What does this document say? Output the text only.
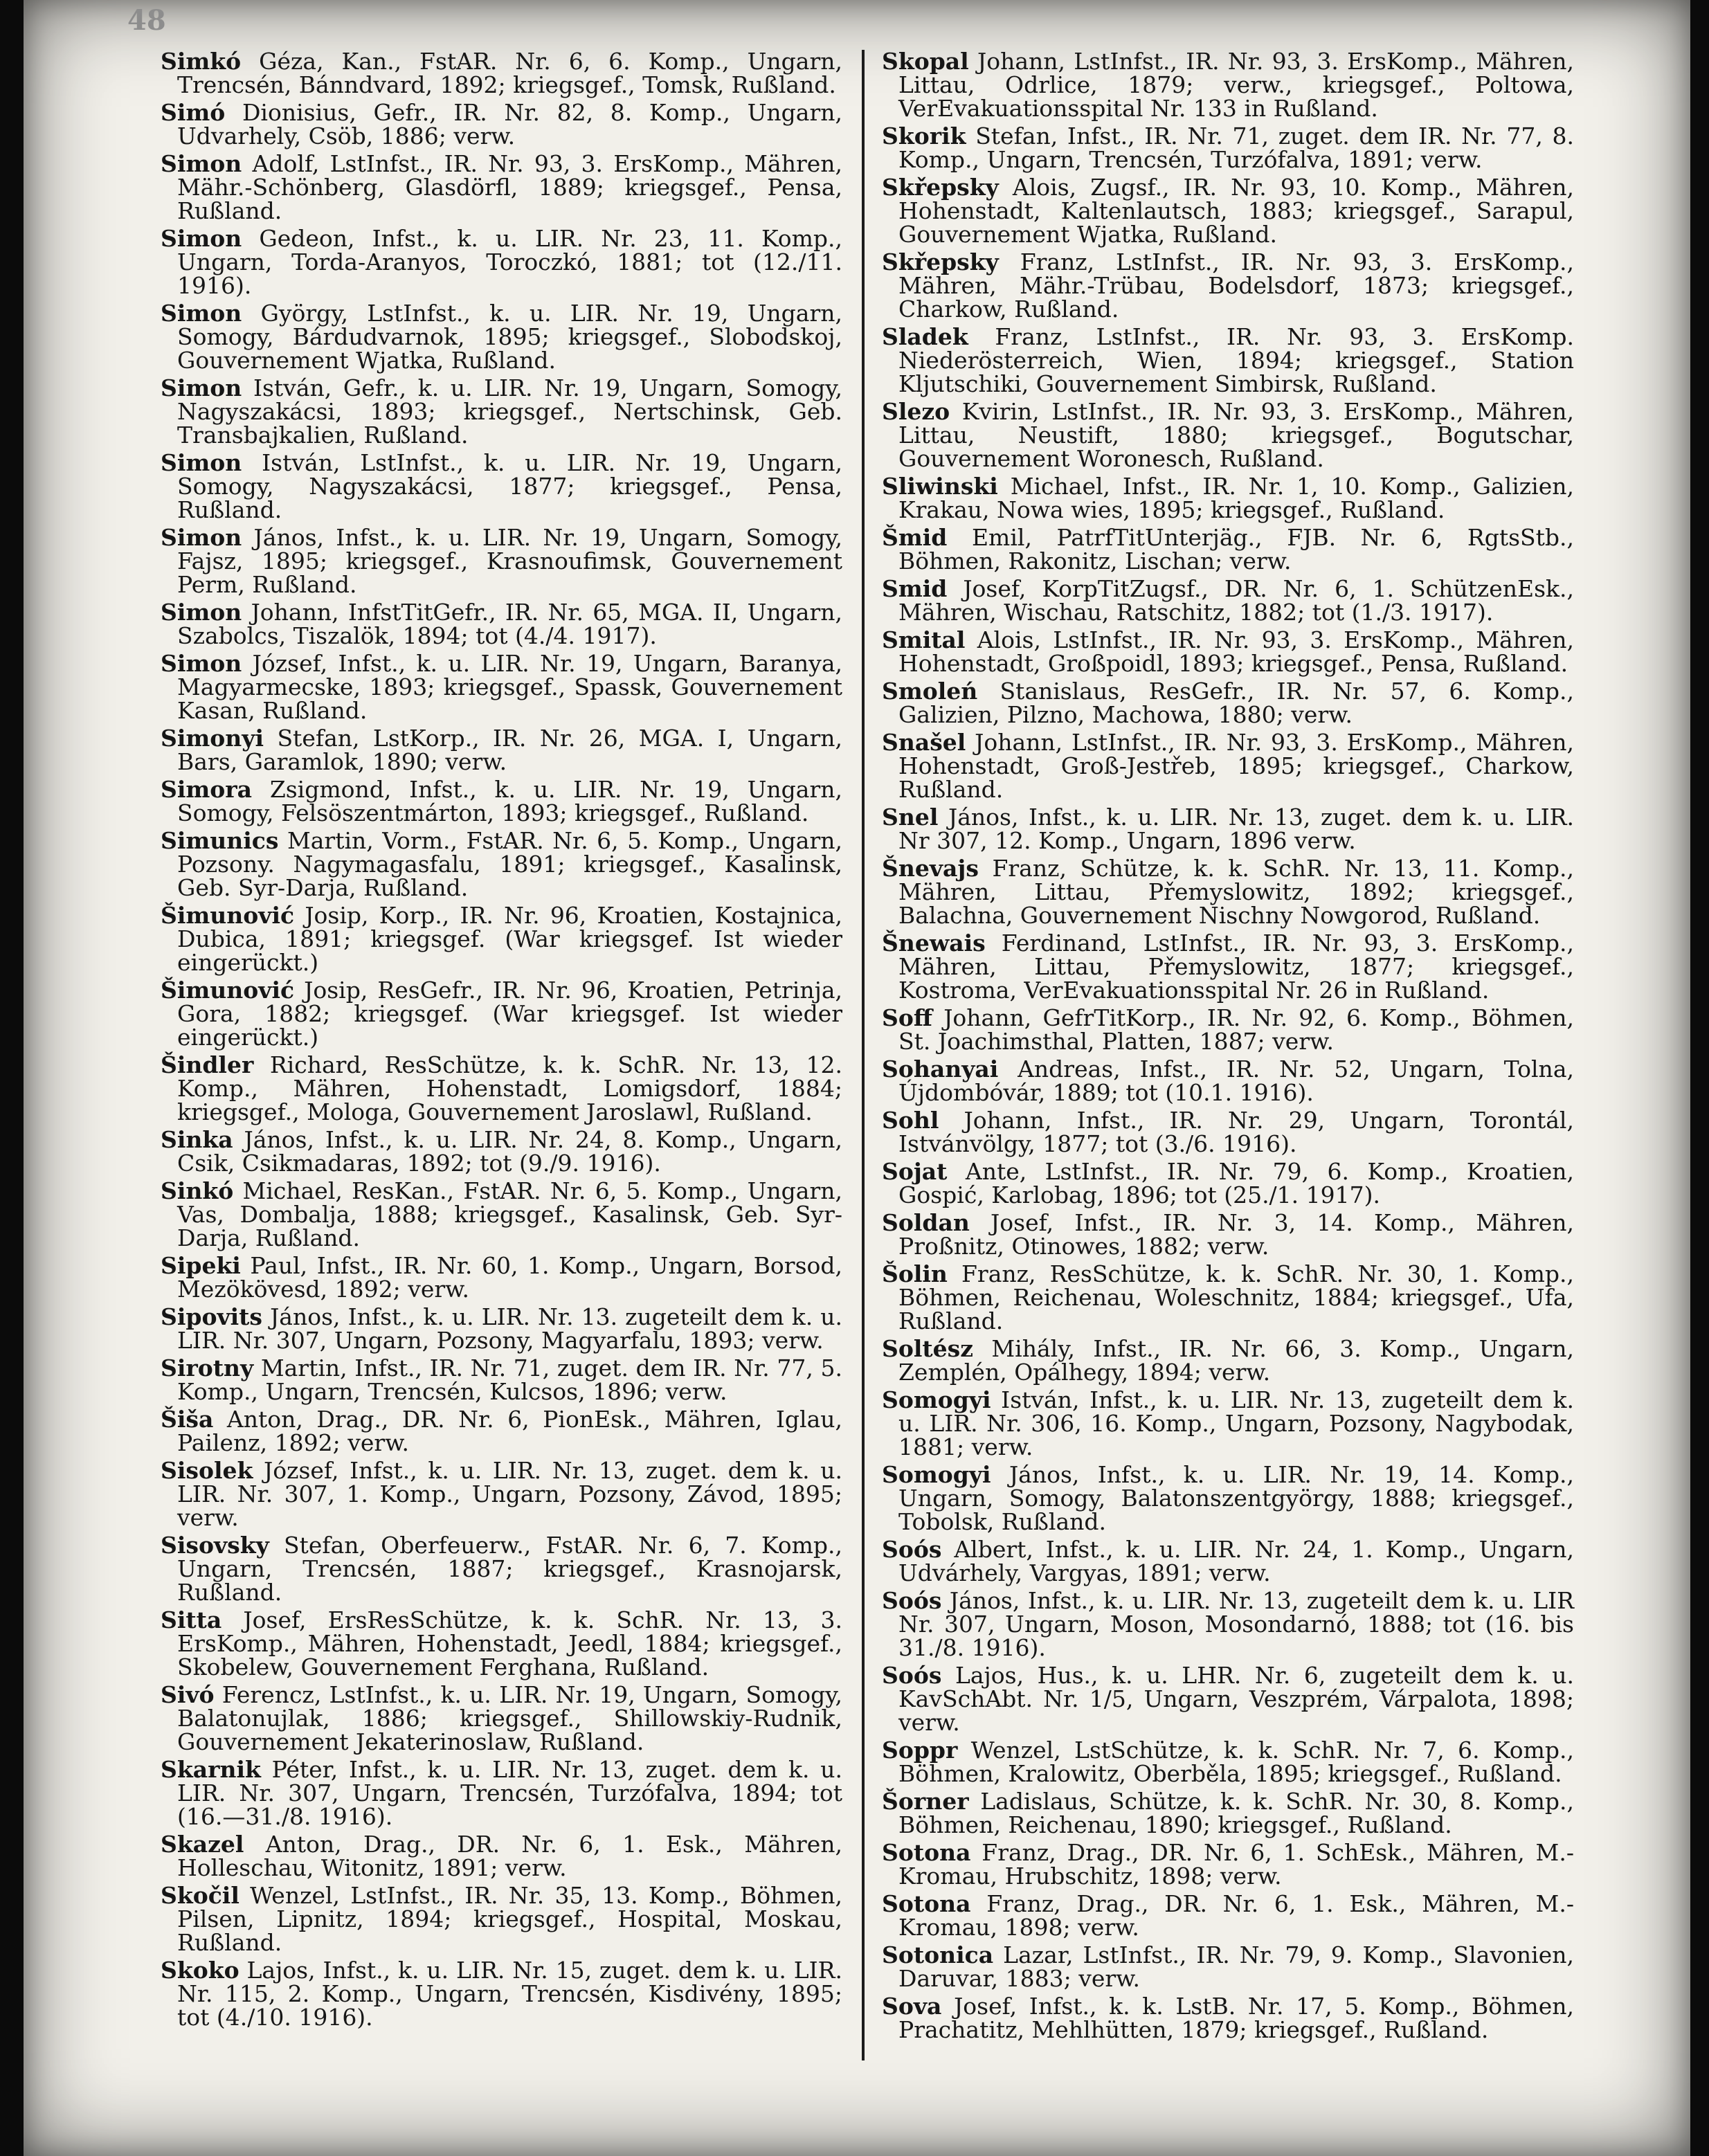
48
Simkó Géza, Kan., FstAR. Nr. 6, 6. Komp., Ungarn, Trencsén, Bánndvard, 1892; kriegsgef., Tomsk, Rußland.
Simó Dionisius, Gefr., IR. Nr. 82, 8. Komp., Ungarn, Udvarhely, Csöb, 1886; verw.
Simon Adolf, LstInfst., IR. Nr. 93, 3. ErsKomp., Mähren, Mähr.-Schönberg, Glasdörfl, 1889; kriegsgef., Pensa, Rußland.
Simon Gedeon, Infst., k. u. LIR. Nr. 23, 11. Komp., Ungarn, Torda-Aranyos, Toroczkó, 1881; tot (12./11. 1916).
Simon György, LstInfst., k. u. LIR. Nr. 19, Ungarn, Somogy, Bárdudvarnok, 1895; kriegsgef., Slobodskoj, Gouvernement Wjatka, Rußland.
Simon István, Gefr., k. u. LIR. Nr. 19, Ungarn, Somogy, Nagyszakácsi, 1893; kriegsgef., Nertschinsk, Geb. Transbajkalien, Rußland.
Simon István, LstInfst., k. u. LIR. Nr. 19, Ungarn, Somogy, Nagyszakácsi, 1877; kriegsgef., Pensa, Rußland.
Simon János, Infst., k. u. LIR. Nr. 19, Ungarn, Somogy, Fajsz, 1895; kriegsgef., Krasnoufimsk, Gouvernement Perm, Rußland.
Simon Johann, InfstTitGefr., IR. Nr. 65, MGA. II, Ungarn, Szabolcs, Tiszalök, 1894; tot (4./4. 1917).
Simon József, Infst., k. u. LIR. Nr. 19, Ungarn, Baranya, Magyarmecske, 1893; kriegsgef., Spassk, Gouvernement Kasan, Rußland.
Simonyi Stefan, LstKorp., IR. Nr. 26, MGA. I, Ungarn, Bars, Garamlok, 1890; verw.
Simora Zsigmond, Infst., k. u. LIR. Nr. 19, Ungarn, Somogy, Felsöszentmárton, 1893; kriegsgef., Rußland.
Simunics Martin, Vorm., FstAR. Nr. 6, 5. Komp., Ungarn, Pozsony. Nagymagasfalu, 1891; kriegsgef., Kasalinsk, Geb. Syr-Darja, Rußland.
Šimunović Josip, Korp., IR. Nr. 96, Kroatien, Kostajnica, Dubica, 1891; kriegsgef. (War kriegsgef. Ist wieder eingerückt.)
Šimunović Josip, ResGefr., IR. Nr. 96, Kroatien, Petrinja, Gora, 1882; kriegsgef. (War kriegsgef. Ist wieder eingerückt.)
Šindler Richard, ResSchütze, k. k. SchR. Nr. 13, 12. Komp., Mähren, Hohenstadt, Lomigsdorf, 1884; kriegsgef., Mologa, Gouvernement Jaroslawl, Rußland.
Sinka János, Infst., k. u. LIR. Nr. 24, 8. Komp., Ungarn, Csik, Csikmadaras, 1892; tot (9./9. 1916).
Sinkó Michael, ResKan., FstAR. Nr. 6, 5. Komp., Ungarn, Vas, Dombalja, 1888; kriegsgef., Kasalinsk, Geb. Syr-Darja, Rußland.
Sipeki Paul, Infst., IR. Nr. 60, 1. Komp., Ungarn, Borsod, Mezökövesd, 1892; verw.
Sipovits János, Infst., k. u. LIR. Nr. 13. zugeteilt dem k. u. LIR. Nr. 307, Ungarn, Pozsony, Magyarfalu, 1893; verw.
Sirotny Martin, Infst., IR. Nr. 71, zuget. dem IR. Nr. 77, 5. Komp., Ungarn, Trencsén, Kulcsos, 1896; verw.
Šiša Anton, Drag., DR. Nr. 6, PionEsk., Mähren, Iglau, Pailenz, 1892; verw.
Sisolek József, Infst., k. u. LIR. Nr. 13, zuget. dem k. u. LIR. Nr. 307, 1. Komp., Ungarn, Pozsony, Závod, 1895; verw.
Sisovsky Stefan, Oberfeuerw., FstAR. Nr. 6, 7. Komp., Ungarn, Trencsén, 1887; kriegsgef., Krasnojarsk, Rußland.
Sitta Josef, ErsResSchütze, k. k. SchR. Nr. 13, 3. ErsKomp., Mähren, Hohenstadt, Jeedl, 1884; kriegsgef., Skobelew, Gouvernement Ferghana, Rußland.
Sivó Ferencz, LstInfst., k. u. LIR. Nr. 19, Ungarn, Somogy, Balatonujlak, 1886; kriegsgef., Shillowskiy-Rudnik, Gouvernement Jekaterinoslaw, Rußland.
Skarnik Péter, Infst., k. u. LIR. Nr. 13, zuget. dem k. u. LIR. Nr. 307, Ungarn, Trencsén, Turzófalva, 1894; tot (16.—31./8. 1916).
Skazel Anton, Drag., DR. Nr. 6, 1. Esk., Mähren, Holleschau, Witonitz, 1891; verw.
Skočil Wenzel, LstInfst., IR. Nr. 35, 13. Komp., Böhmen, Pilsen, Lipnitz, 1894; kriegsgef., Hospital, Moskau, Rußland.
Skoko Lajos, Infst., k. u. LIR. Nr. 15, zuget. dem k. u. LIR. Nr. 115, 2. Komp., Ungarn, Trencsén, Kisdivény, 1895; tot (4./10. 1916).
Skopal Johann, LstInfst., IR. Nr. 93, 3. ErsKomp., Mähren, Littau, Odrlice, 1879; verw., kriegsgef., Poltowa, VerEvakuationsspital Nr. 133 in Rußland.
Skorik Stefan, Infst., IR. Nr. 71, zuget. dem IR. Nr. 77, 8. Komp., Ungarn, Trencsén, Turzófalva, 1891; verw.
Skřepsky Alois, Zugsf., IR. Nr. 93, 10. Komp., Mähren, Hohenstadt, Kaltenlautsch, 1883; kriegsgef., Sarapul, Gouvernement Wjatka, Rußland.
Skřepsky Franz, LstInfst., IR. Nr. 93, 3. ErsKomp., Mähren, Mähr.-Trübau, Bodelsdorf, 1873; kriegsgef., Charkow, Rußland.
Sladek Franz, LstInfst., IR. Nr. 93, 3. ErsKomp. Niederösterreich, Wien, 1894; kriegsgef., Station Kljutschiki, Gouvernement Simbirsk, Rußland.
Slezo Kvirin, LstInfst., IR. Nr. 93, 3. ErsKomp., Mähren, Littau, Neustift, 1880; kriegsgef., Bogutschar, Gouvernement Woronesch, Rußland.
Sliwinski Michael, Infst., IR. Nr. 1, 10. Komp., Galizien, Krakau, Nowa wies, 1895; kriegsgef., Rußland.
Šmid Emil, PatrfTitUnterjäg., FJB. Nr. 6, RgtsStb., Böhmen, Rakonitz, Lischan; verw.
Smid Josef, KorpTitZugsf., DR. Nr. 6, 1. SchützenEsk., Mähren, Wischau, Ratschitz, 1882; tot (1./3. 1917).
Smital Alois, LstInfst., IR. Nr. 93, 3. ErsKomp., Mähren, Hohenstadt, Großpoidl, 1893; kriegsgef., Pensa, Rußland.
Smoleń Stanislaus, ResGefr., IR. Nr. 57, 6. Komp., Galizien, Pilzno, Machowa, 1880; verw.
Snašel Johann, LstInfst., IR. Nr. 93, 3. ErsKomp., Mähren, Hohenstadt, Groß-Jestřeb, 1895; kriegsgef., Charkow, Rußland.
Snel János, Infst., k. u. LIR. Nr. 13, zuget. dem k. u. LIR. Nr 307, 12. Komp., Ungarn, 1896 verw.
Šnevajs Franz, Schütze, k. k. SchR. Nr. 13, 11. Komp., Mähren, Littau, Přemyslowitz, 1892; kriegsgef., Balachna, Gouvernement Nischny Nowgorod, Rußland.
Šnewais Ferdinand, LstInfst., IR. Nr. 93, 3. ErsKomp., Mähren, Littau, Přemyslowitz, 1877; kriegsgef., Kostroma, VerEvakuationsspital Nr. 26 in Rußland.
Soff Johann, GefrTitKorp., IR. Nr. 92, 6. Komp., Böhmen, St. Joachimsthal, Platten, 1887; verw.
Sohanyai Andreas, Infst., IR. Nr. 52, Ungarn, Tolna, Újdombóvár, 1889; tot (10.1. 1916).
Sohl Johann, Infst., IR. Nr. 29, Ungarn, Torontál, Istvánvölgy, 1877; tot (3./6. 1916).
Sojat Ante, LstInfst., IR. Nr. 79, 6. Komp., Kroatien, Gospić, Karlobag, 1896; tot (25./1. 1917).
Soldan Josef, Infst., IR. Nr. 3, 14. Komp., Mähren, Proßnitz, Otinowes, 1882; verw.
Šolin Franz, ResSchütze, k. k. SchR. Nr. 30, 1. Komp., Böhmen, Reichenau, Woleschnitz, 1884; kriegsgef., Ufa, Rußland.
Soltész Mihály, Infst., IR. Nr. 66, 3. Komp., Ungarn, Zemplén, Opálhegy, 1894; verw.
Somogyi István, Infst., k. u. LIR. Nr. 13, zugeteilt dem k. u. LIR. Nr. 306, 16. Komp., Ungarn, Pozsony, Nagybodak, 1881; verw.
Somogyi János, Infst., k. u. LIR. Nr. 19, 14. Komp., Ungarn, Somogy, Balatonszentgyörgy, 1888; kriegsgef., Tobolsk, Rußland.
Soós Albert, Infst., k. u. LIR. Nr. 24, 1. Komp., Ungarn, Udvárhely, Vargyas, 1891; verw.
Soós János, Infst., k. u. LIR. Nr. 13, zugeteilt dem k. u. LIR Nr. 307, Ungarn, Moson, Mosondarnó, 1888; tot (16. bis 31./8. 1916).
Soós Lajos, Hus., k. u. LHR. Nr. 6, zugeteilt dem k. u. KavSchAbt. Nr. 1/5, Ungarn, Veszprém, Várpalota, 1898; verw.
Soppr Wenzel, LstSchütze, k. k. SchR. Nr. 7, 6. Komp., Böhmen, Kralowitz, Oberběla, 1895; kriegsgef., Rußland.
Šorner Ladislaus, Schütze, k. k. SchR. Nr. 30, 8. Komp., Böhmen, Reichenau, 1890; kriegsgef., Rußland.
Sotona Franz, Drag., DR. Nr. 6, 1. SchEsk., Mähren, M.-Kromau, Hrubschitz, 1898; verw.
Sotona Franz, Drag., DR. Nr. 6, 1. Esk., Mähren, M.-Kromau, 1898; verw.
Sotonica Lazar, LstInfst., IR. Nr. 79, 9. Komp., Slavonien, Daruvar, 1883; verw.
Sova Josef, Infst., k. k. LstB. Nr. 17, 5. Komp., Böhmen, Prachatitz, Mehlhütten, 1879; kriegsgef., Rußland.
